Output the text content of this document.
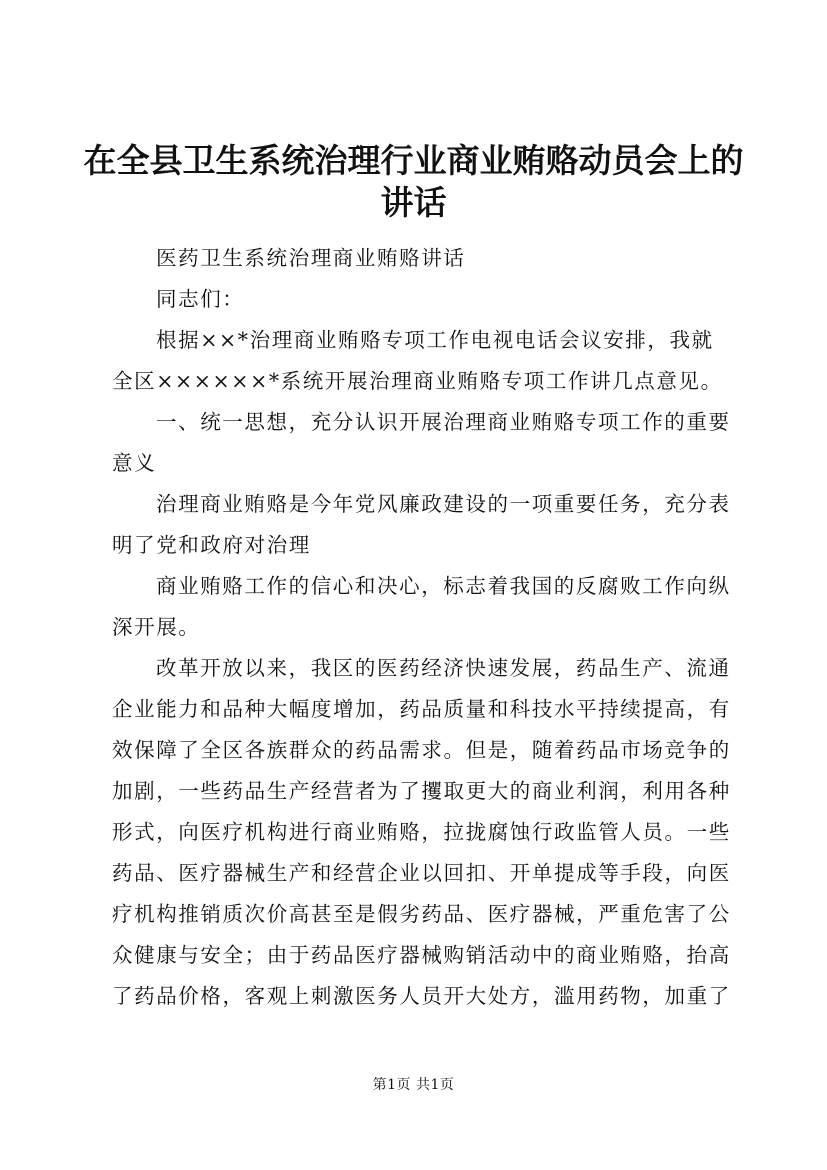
在全县卫生系统治理行业商业贿赂动员会上的
讲话
医药卫生系统治理商业贿赂讲话
同志们：
根据××*治理商业贿赂专项工作电视电话会议安排，我就
全区××××××*系统开展治理商业贿赂专项工作讲几点意见。
一、统一思想，充分认识开展治理商业贿赂专项工作的重要
意义
治理商业贿赂是今年党风廉政建设的一项重要任务，充分表
明了党和政府对治理
商业贿赂工作的信心和决心，标志着我国的反腐败工作向纵
深开展。
改革开放以来，我区的医药经济快速发展，药品生产、流通
企业能力和品种大幅度增加，药品质量和科技水平持续提高，有
效保障了全区各族群众的药品需求。但是，随着药品市场竞争的
加剧，一些药品生产经营者为了攫取更大的商业利润，利用各种
形式，向医疗机构进行商业贿赂，拉拢腐蚀行政监管人员。一些
药品、医疗器械生产和经营企业以回扣、开单提成等手段，向医
疗机构推销质次价高甚至是假劣药品、医疗器械，严重危害了公
众健康与安全；由于药品医疗器械购销活动中的商业贿赂，抬高
了药品价格，客观上刺激医务人员开大处方，滥用药物，加重了
第1页 共1页
